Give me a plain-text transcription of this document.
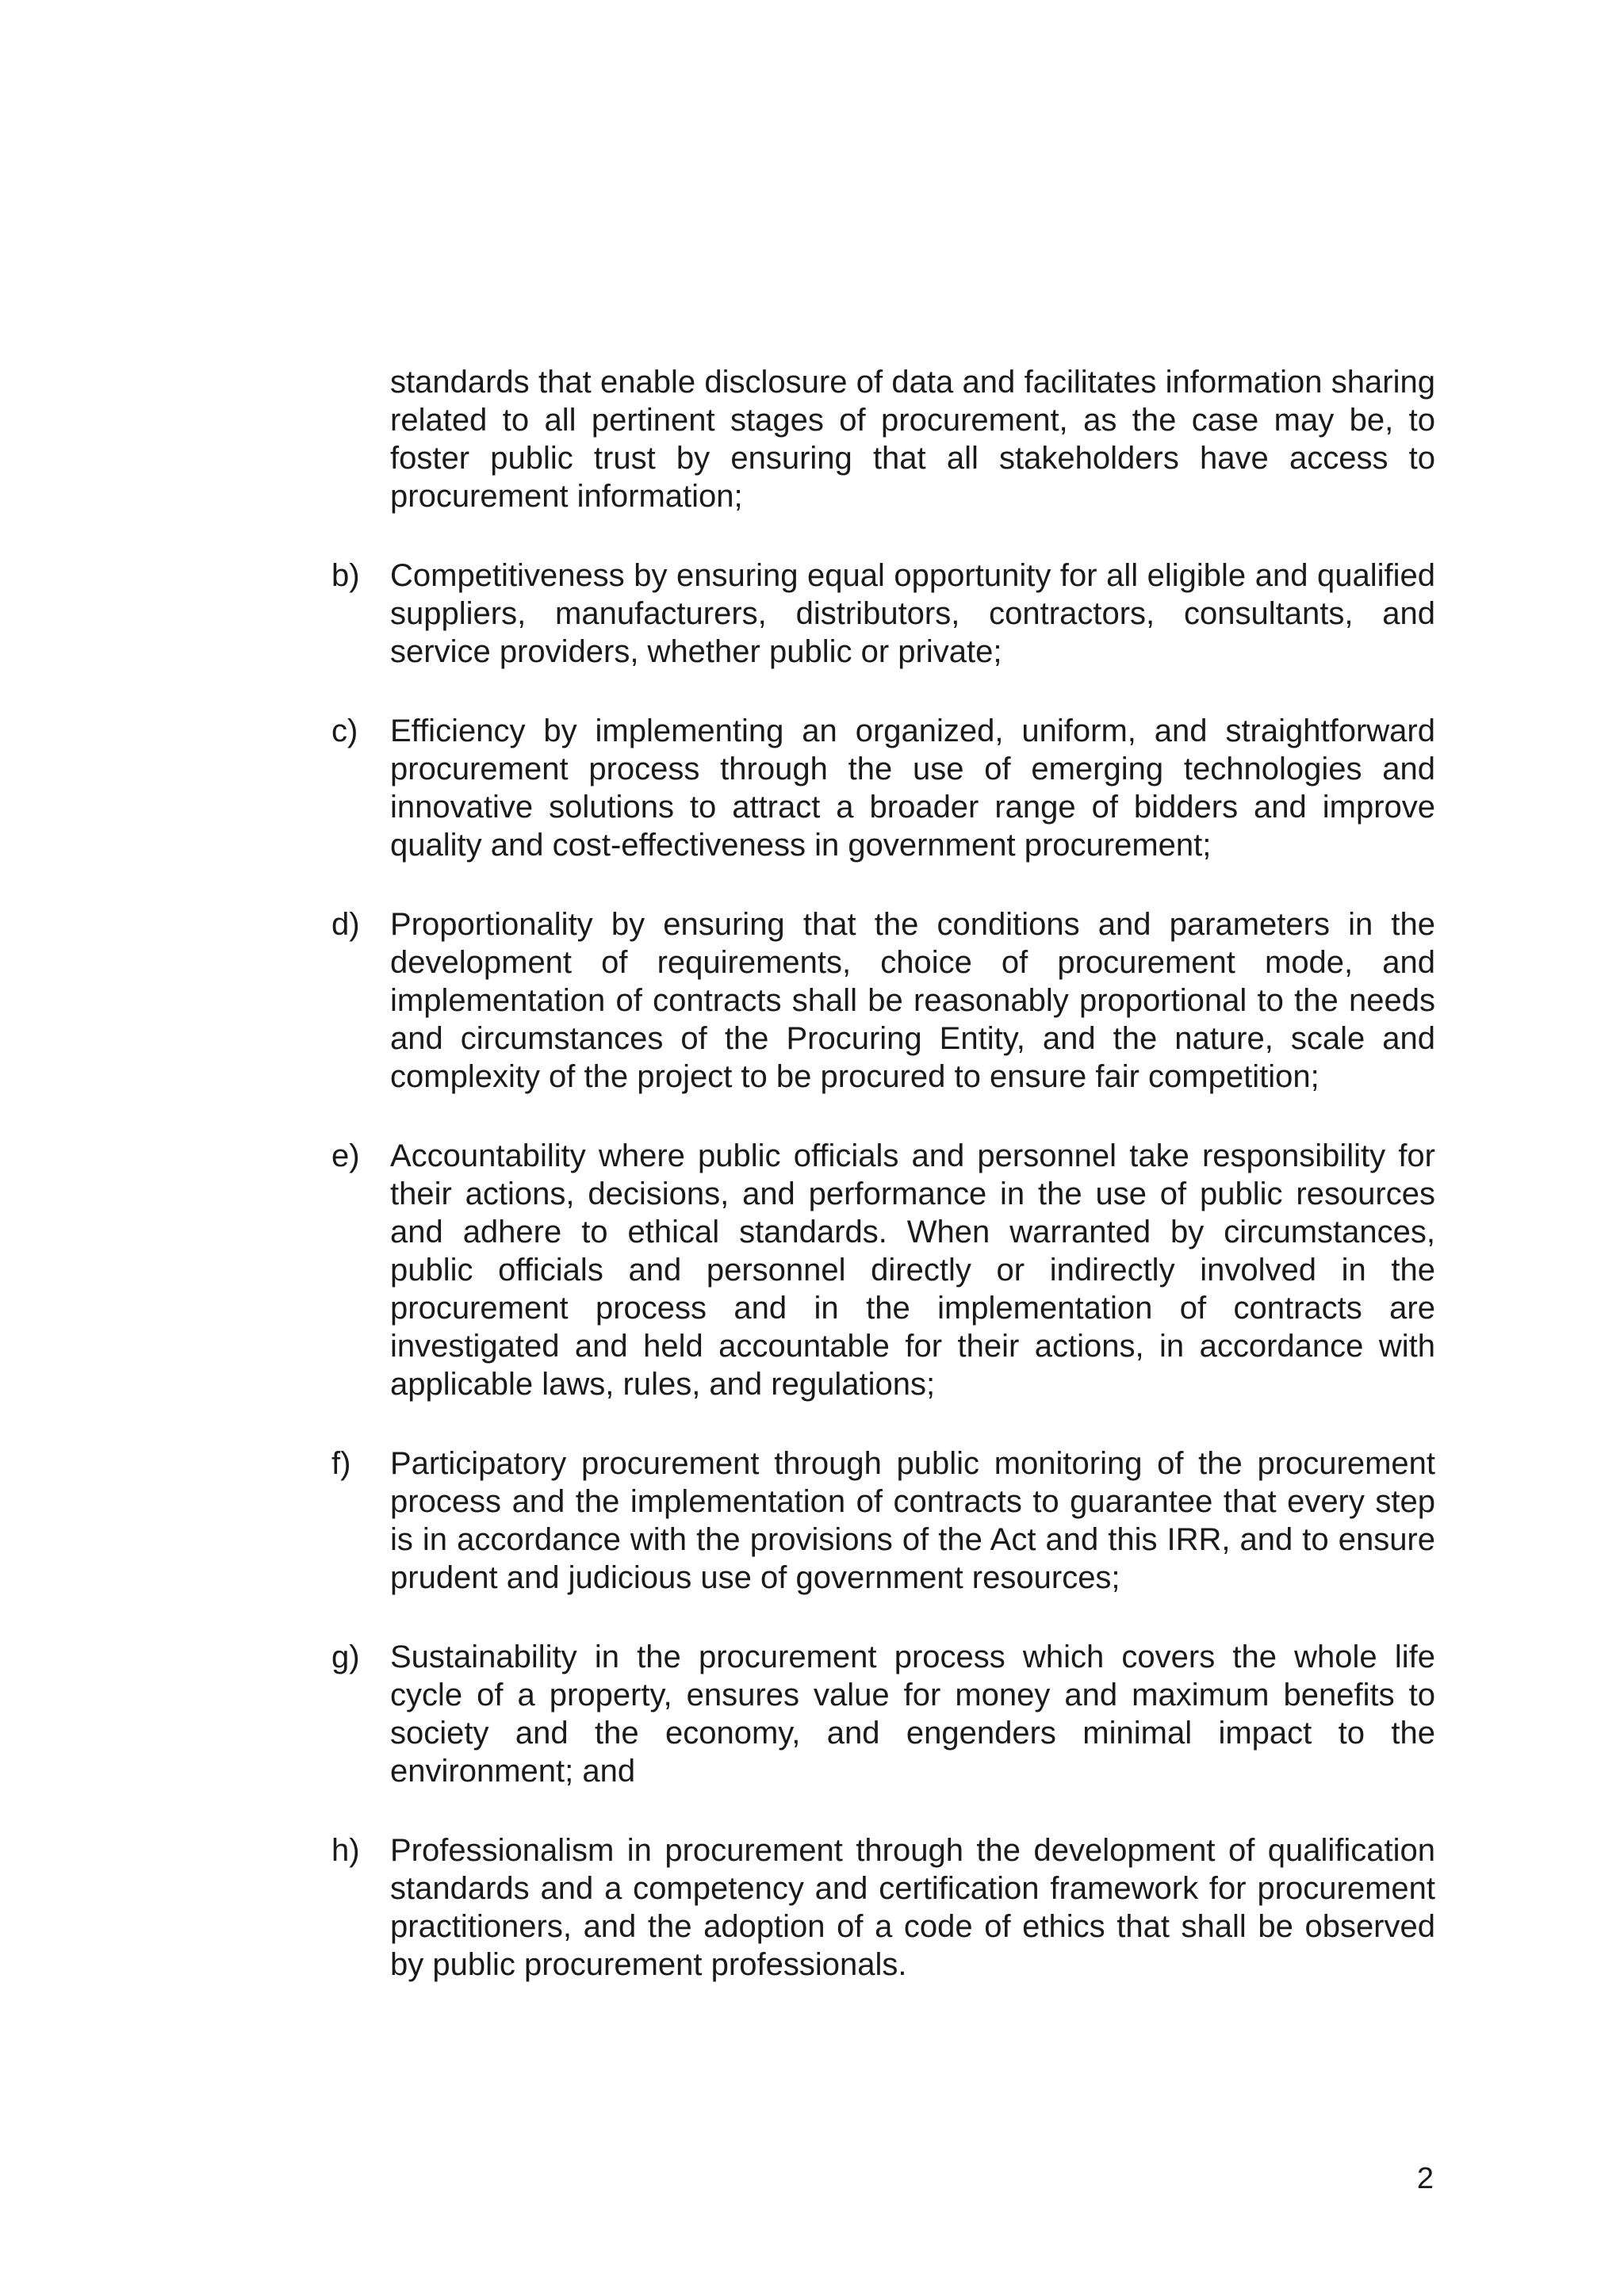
standards that enable disclosure of data and facilitates information sharing related to all pertinent stages of procurement, as the case may be, to foster public trust by ensuring that all stakeholders have access to procurement information;
b) Competitiveness by ensuring equal opportunity for all eligible and qualified suppliers, manufacturers, distributors, contractors, consultants, and service providers, whether public or private;
c)	Efficiency by implementing an organized, uniform, and straightforward procurement process through the use of emerging technologies and innovative solutions to attract a broader range of bidders and improve quality and cost-effectiveness in government procurement;
d) Proportionality by ensuring that the conditions and parameters in the development of requirements, choice of procurement mode, and implementation of contracts shall be reasonably proportional to the needs and circumstances of the Procuring Entity, and the nature, scale and complexity of the project to be procured to ensure fair competition;
e) Accountability where public officials and personnel take responsibility for their actions, decisions, and performance in the use of public resources and adhere to ethical standards. When warranted by circumstances, public officials and personnel directly or indirectly involved in the procurement process and in the implementation of contracts are investigated and held accountable for their actions, in accordance with applicable laws, rules, and regulations;
f)	Participatory procurement through public monitoring of the procurement process and the implementation of contracts to guarantee that every step is in accordance with the provisions of the Act and this IRR, and to ensure prudent and judicious use of government resources;
g) Sustainability in the procurement process which covers the whole life cycle of a property, ensures value for money and maximum benefits to society and the economy, and engenders minimal impact to the environment; and
h) Professionalism in procurement through the development of qualification standards and a competency and certification framework for procurement practitioners, and the adoption of a code of ethics that shall be observed by public procurement professionals.
2
